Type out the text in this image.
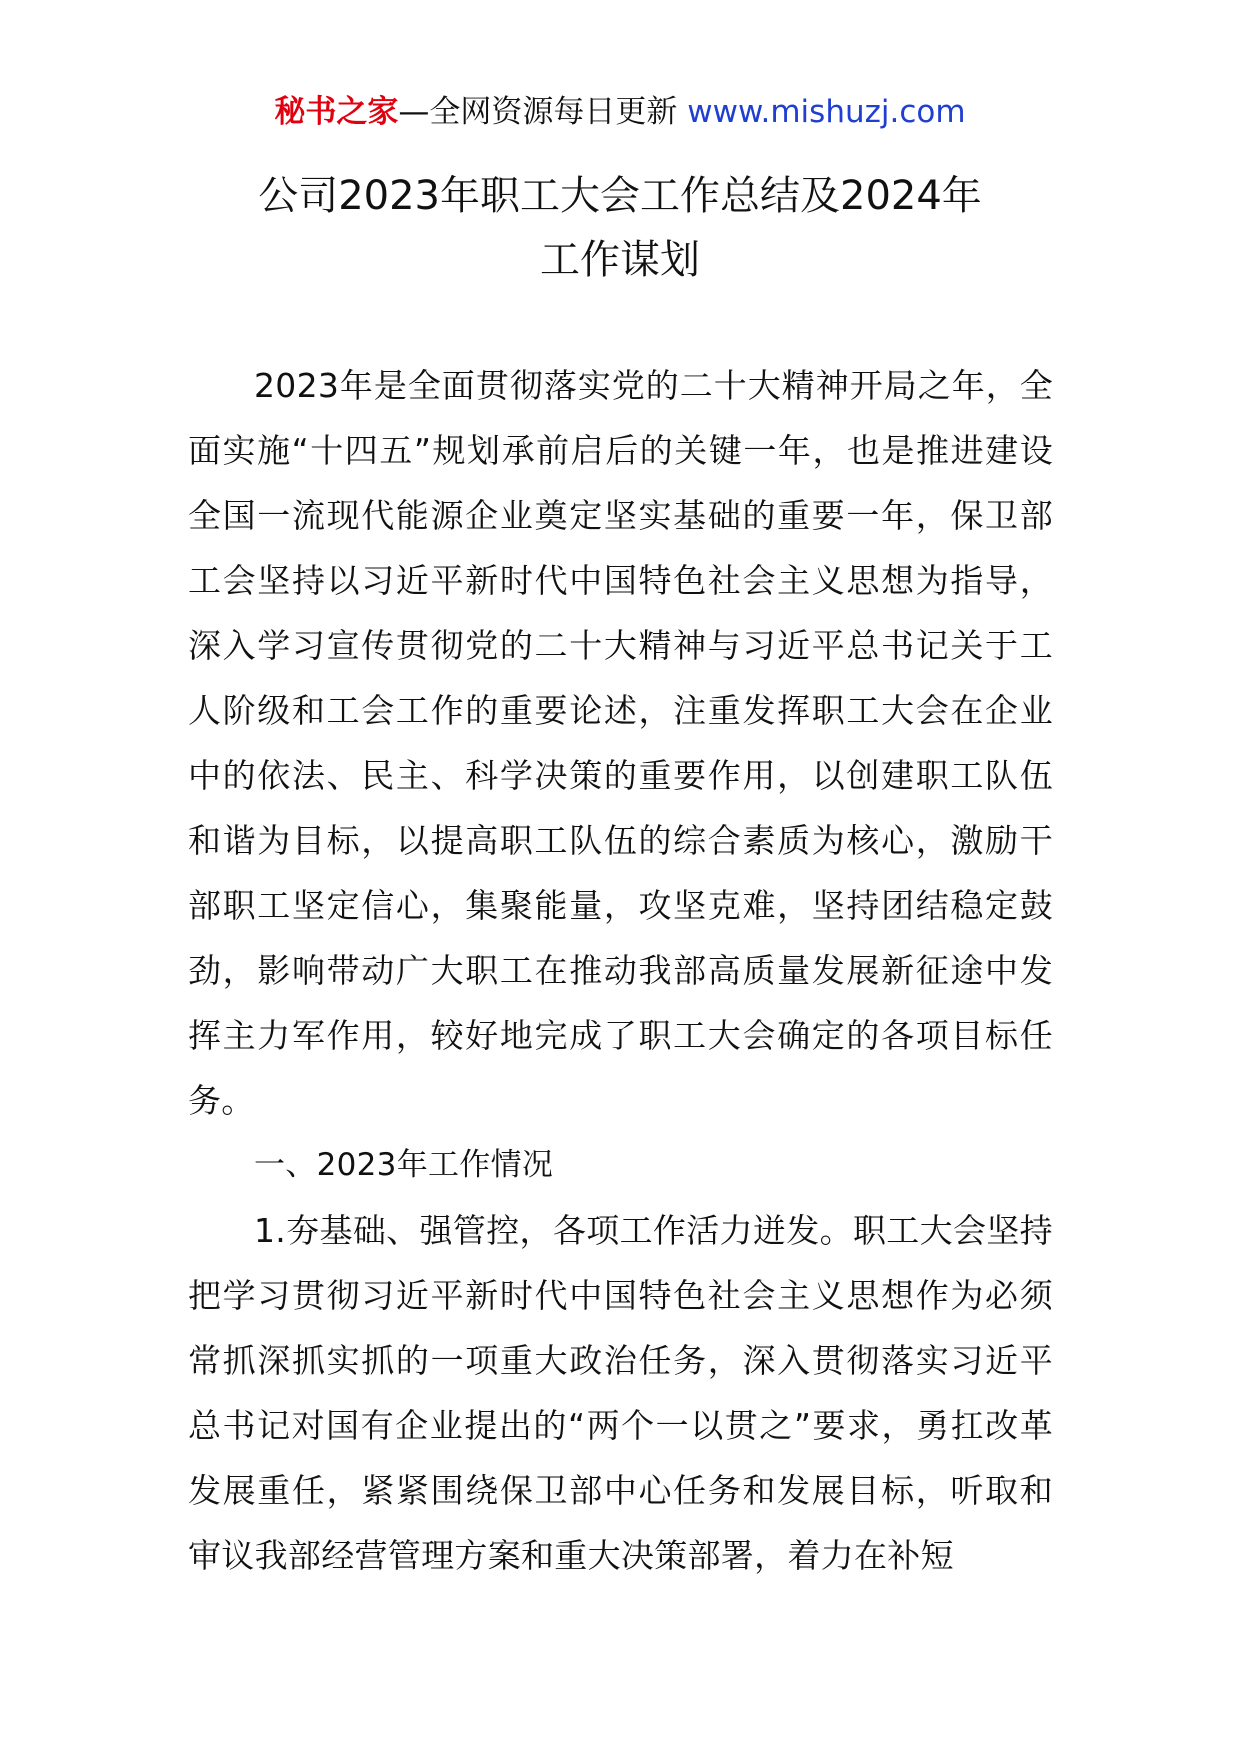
秘书之家—全网资源每日更新 www.mishuzj.com
公司2023年职工大会工作总结及2024年
工作谋划

2023年是全面贯彻落实党的二十大精神开局之年，全面实施“十四五”规划承前启后的关键一年，也是推进建设全国一流现代能源企业奠定坚实基础的重要一年，保卫部工会坚持以习近平新时代中国特色社会主义思想为指导，深入学习宣传贯彻党的二十大精神与习近平总书记关于工人阶级和工会工作的重要论述，注重发挥职工大会在企业中的依法、民主、科学决策的重要作用，以创建职工队伍和谐为目标，以提高职工队伍的综合素质为核心，激励干部职工坚定信心，集聚能量，攻坚克难，坚持团结稳定鼓劲，影响带动广大职工在推动我部高质量发展新征途中发挥主力军作用，较好地完成了职工大会确定的各项目标任务。

一、2023年工作情况

1.夯基础、强管控，各项工作活力迸发。职工大会坚持把学习贯彻习近平新时代中国特色社会主义思想作为必须常抓深抓实抓的一项重大政治任务，深入贯彻落实习近平总书记对国有企业提出的“两个一以贯之”要求，勇扛改革发展重任，紧紧围绕保卫部中心任务和发展目标，听取和审议我部经营管理方案和重大决策部署，着力在补短
